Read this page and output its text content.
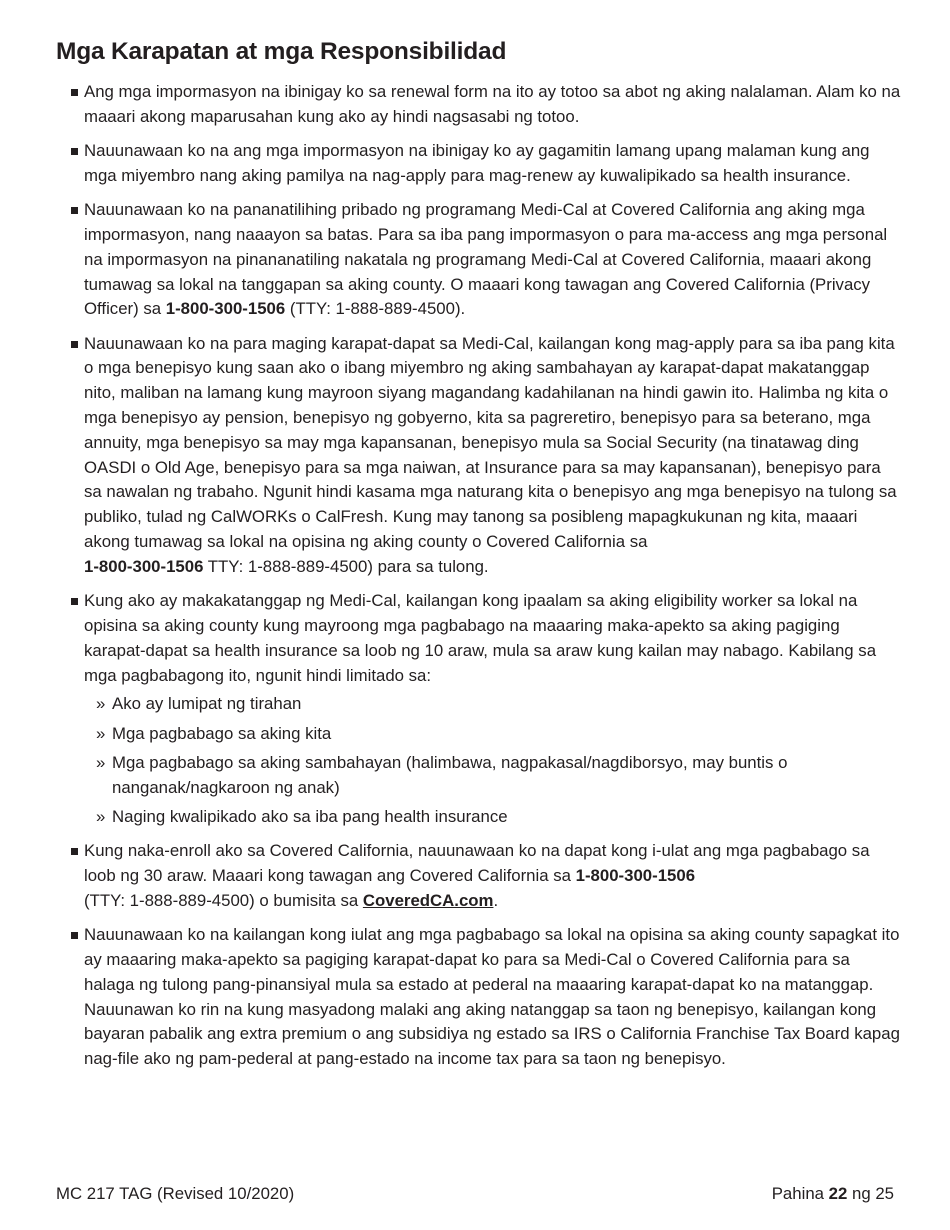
Mga Karapatan at mga Responsibilidad
Ang mga impormasyon na ibinigay ko sa renewal form na ito ay totoo sa abot ng aking nalalaman. Alam ko na maaari akong maparusahan kung ako ay hindi nagsasabi ng totoo.
Nauunawaan ko na ang mga impormasyon na ibinigay ko ay gagamitin lamang upang malaman kung ang mga miyembro nang aking pamilya na nag-apply para mag-renew ay kuwalipikado sa health insurance.
Nauunawaan ko na pananatilihing pribado ng programang Medi-Cal at Covered California ang aking mga impormasyon, nang naaayon sa batas. Para sa iba pang impormasyon o para ma-access ang mga personal na impormasyon na pinananatiling nakatala ng programang Medi-Cal at Covered California, maaari akong tumawag sa lokal na tanggapan sa aking county. O maaari kong tawagan ang Covered California (Privacy Officer) sa 1-800-300-1506 (TTY: 1-888-889-4500).
Nauunawaan ko na para maging karapat-dapat sa Medi-Cal, kailangan kong mag-apply para sa iba pang kita o mga benepisyo kung saan ako o ibang miyembro ng aking sambahayan ay karapat-dapat makatanggap nito, maliban na lamang kung mayroon siyang magandang kadahilanan na hindi gawin ito. Halimba ng kita o mga benepisyo ay pension, benepisyo ng gobyerno, kita sa pagreretiro, benepisyo para sa beterano, mga annuity, mga benepisyo sa may mga kapansanan, benepisyo mula sa Social Security (na tinatawag ding OASDI o Old Age, benepisyo para sa mga naiwan, at Insurance para sa may kapansanan), benepisyo para sa nawalan ng trabaho. Ngunit hindi kasama mga naturang kita o benepisyo ang mga benepisyo na tulong sa publiko, tulad ng CalWORKs o CalFresh. Kung may tanong sa posibleng mapagkukunan ng kita, maaari akong tumawag sa lokal na opisina ng aking county o Covered California sa
1-800-300-1506 TTY: 1-888-889-4500) para sa tulong.
Kung ako ay makakatanggap ng Medi-Cal, kailangan kong ipaalam sa aking eligibility worker sa lokal na opisina sa aking county kung mayroong mga pagbabago na maaaring maka-apekto sa aking pagiging karapat-dapat sa health insurance sa loob ng 10 araw, mula sa araw kung kailan may nabago. Kabilang sa mga pagbabagong ito, ngunit hindi limitado sa:
» Ako ay lumipat ng tirahan
» Mga pagbabago sa aking kita
» Mga pagbabago sa aking sambahayan (halimbawa, nagpakasal/nagdiborsyo, may buntis o nanganak/nagkaroon ng anak)
» Naging kwalipikado ako sa iba pang health insurance
Kung naka-enroll ako sa Covered California, nauunawaan ko na dapat kong i-ulat ang mga pagbabago sa loob ng 30 araw. Maaari kong tawagan ang Covered California sa 1-800-300-1506
(TTY: 1-888-889-4500) o bumisita sa CoveredCA.com.
Nauunawaan ko na kailangan kong iulat ang mga pagbabago sa lokal na opisina sa aking county sapagkat ito ay maaaring maka-apekto sa pagiging karapat-dapat ko para sa Medi-Cal o Covered California para sa halaga ng tulong pang-pinansiyal mula sa estado at pederal na maaaring karapat-dapat ko na matanggap. Nauunawan ko rin na kung masyadong malaki ang aking natanggap sa taon ng benepisyo, kailangan kong bayaran pabalik ang extra premium o ang subsidiya ng estado sa IRS o California Franchise Tax Board kapag nag-file ako ng pam-pederal at pang-estado na income tax para sa taon ng benepisyo.
MC 217 TAG (Revised 10/2020)	Pahina 22 ng 25
